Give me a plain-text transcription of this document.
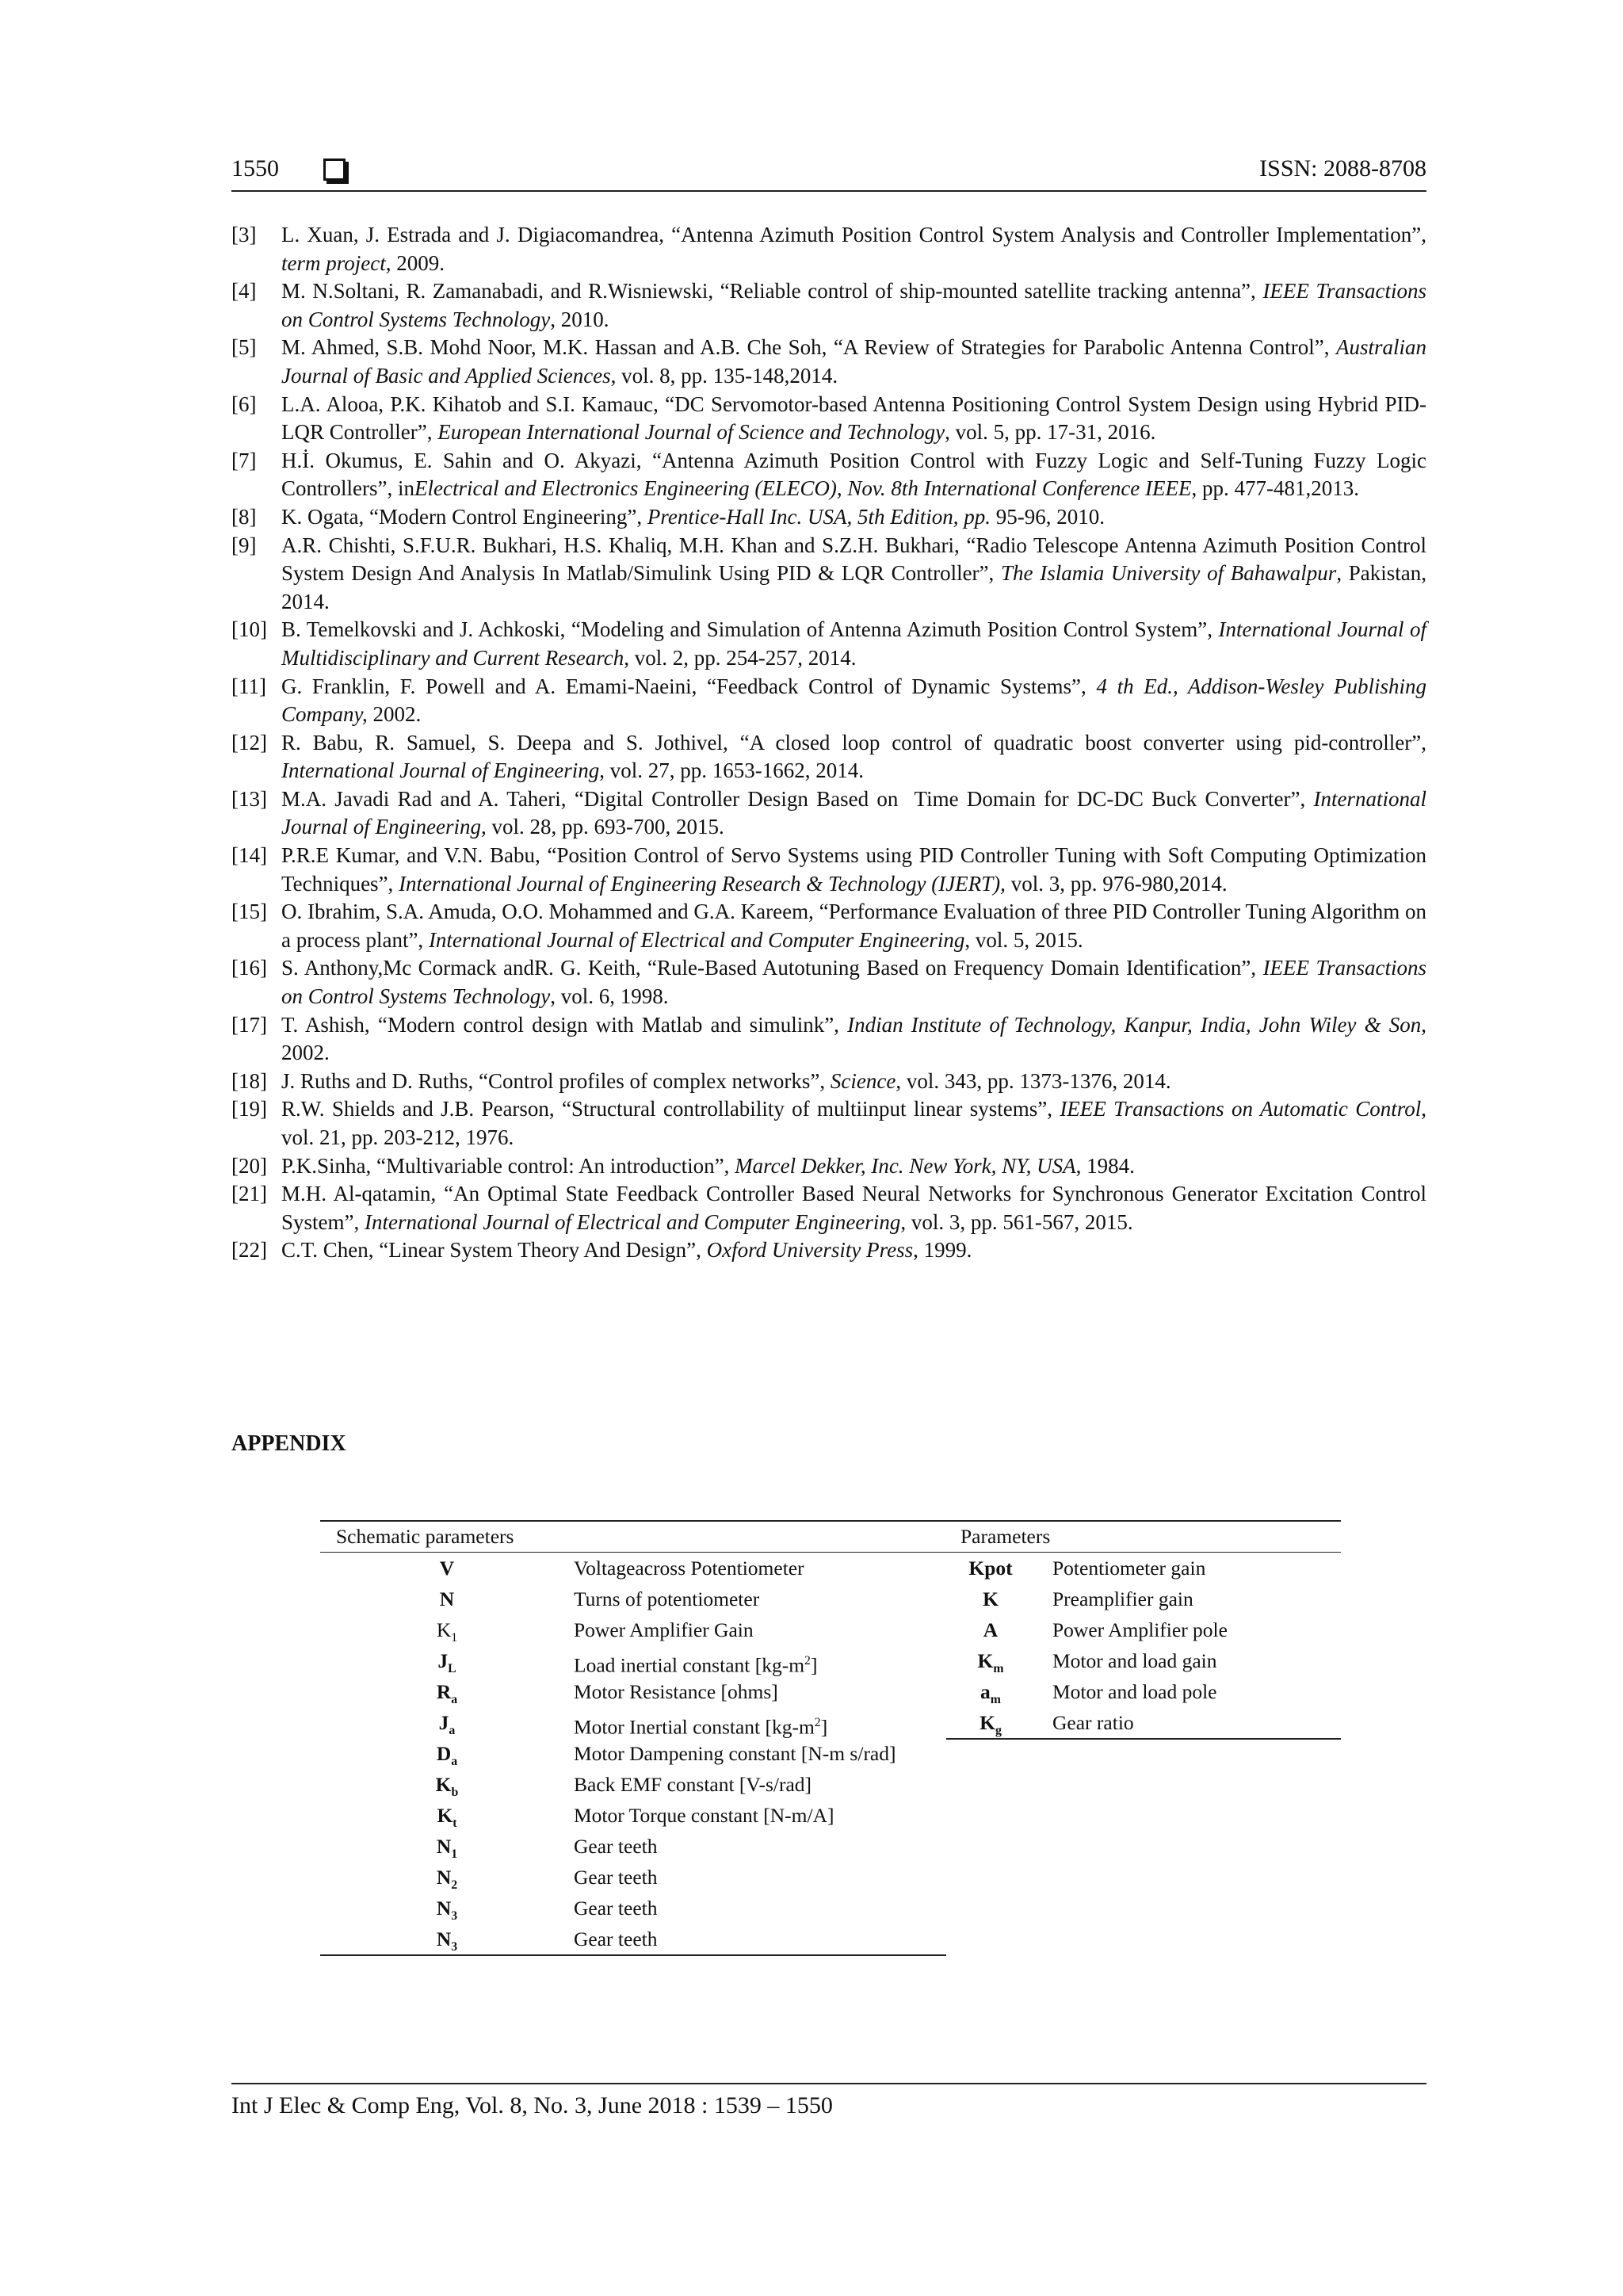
1550	ISSN: 2088-8708
[3]	L. Xuan, J. Estrada and J. Digiacomandrea, “Antenna Azimuth Position Control System Analysis and Controller Implementation”, term project, 2009.
[4]	M. N.Soltani, R. Zamanabadi, and R.Wisniewski, “Reliable control of ship-mounted satellite tracking antenna”, IEEE Transactions on Control Systems Technology, 2010.
[5]	M. Ahmed, S.B. Mohd Noor, M.K. Hassan and A.B. Che Soh, “A Review of Strategies for Parabolic Antenna Control”, Australian Journal of Basic and Applied Sciences, vol. 8, pp. 135-148,2014.
[6]	L.A. Alooa, P.K. Kihatob and S.I. Kamauc, “DC Servomotor-based Antenna Positioning Control System Design using Hybrid PID-LQR Controller”, European International Journal of Science and Technology, vol. 5, pp. 17-31, 2016.
[7]	H.İ. Okumus, E. Sahin and O. Akyazi, “Antenna Azimuth Position Control with Fuzzy Logic and Self-Tuning Fuzzy Logic Controllers”, inElectrical and Electronics Engineering (ELECO), Nov. 8th International Conference IEEE, pp. 477-481,2013.
[8]	K. Ogata, “Modern Control Engineering”, Prentice-Hall Inc. USA, 5th Edition, pp. 95-96, 2010.
[9]	A.R. Chishti, S.F.U.R. Bukhari, H.S. Khaliq, M.H. Khan and S.Z.H. Bukhari, “Radio Telescope Antenna Azimuth Position Control System Design And Analysis In Matlab/Simulink Using PID & LQR Controller”, The Islamia University of Bahawalpur, Pakistan, 2014.
[10] B. Temelkovski and J. Achkoski, “Modeling and Simulation of Antenna Azimuth Position Control System”, International Journal of Multidisciplinary and Current Research, vol. 2, pp. 254-257, 2014.
[11] G. Franklin, F. Powell and A. Emami-Naeini, “Feedback Control of Dynamic Systems”, 4 th Ed., Addison-Wesley Publishing Company, 2002.
[12] R. Babu, R. Samuel, S. Deepa and S. Jothivel, “A closed loop control of quadratic boost converter using pid-controller”, International Journal of Engineering, vol. 27, pp. 1653-1662, 2014.
[13] M.A. Javadi Rad and A. Taheri, “Digital Controller Design Based on  Time Domain for DC-DC Buck Converter”, International Journal of Engineering, vol. 28, pp. 693-700, 2015.
[14] P.R.E Kumar, and V.N. Babu, “Position Control of Servo Systems using PID Controller Tuning with Soft Computing Optimization Techniques”, International Journal of Engineering Research & Technology (IJERT), vol. 3, pp. 976-980,2014.
[15] O. Ibrahim, S.A. Amuda, O.O. Mohammed and G.A. Kareem, “Performance Evaluation of three PID Controller Tuning Algorithm on a process plant”, International Journal of Electrical and Computer Engineering, vol. 5, 2015.
[16] S. Anthony,Mc Cormack andR. G. Keith, “Rule-Based Autotuning Based on Frequency Domain Identification”, IEEE Transactions on Control Systems Technology, vol. 6, 1998.
[17] T. Ashish, “Modern control design with Matlab and simulink”, Indian Institute of Technology, Kanpur, India, John Wiley & Son, 2002.
[18] J. Ruths and D. Ruths, “Control profiles of complex networks”, Science, vol. 343, pp. 1373-1376, 2014.
[19] R.W. Shields and J.B. Pearson, “Structural controllability of multiinput linear systems”, IEEE Transactions on Automatic Control, vol. 21, pp. 203-212, 1976.
[20] P.K.Sinha, “Multivariable control: An introduction”, Marcel Dekker, Inc. New York, NY, USA, 1984.
[21] M.H. Al-qatamin, “An Optimal State Feedback Controller Based Neural Networks for Synchronous Generator Excitation Control System”, International Journal of Electrical and Computer Engineering, vol. 3, pp. 561-567, 2015.
[22] C.T. Chen, “Linear System Theory And Design”, Oxford University Press, 1999.
APPENDIX
Schematic parameters
V	Voltageacross Potentiometer
N	Turns of potentiometer
$K_1$	Power Amplifier Gain
$J_L$	Load inertial constant $[kg-m^2]$
$R_a$	Motor Resistance [ohms]
$J_a$	Motor Inertial constant $[kg-m^2]$
$D_a$	Motor Dampening constant [N-m s/rad]
$K_b$	Back EMF constant [V-s/rad]
$K_t$	Motor Torque constant [N-m/A]
$N_1$	Gear teeth
$N_2$	Gear teeth
$N_3$	Gear teeth
$N_3$	Gear teeth
Parameters
Kpot	Potentiometer gain
K	Preamplifier gain
A	Power Amplifier pole
$K_m$	Motor and load gain
$a_m$	Motor and load pole
$K_g$	Gear ratio
Int J Elec & Comp Eng, Vol. 8, No. 3, June 2018 : 1539 – 1550
